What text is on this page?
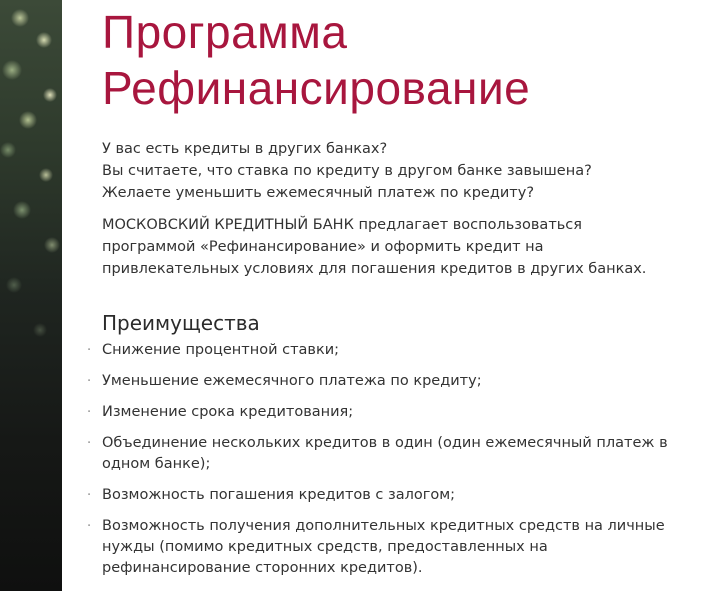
Программа
Рефинансирование
У вас есть кредиты в других банках?
Вы считаете, что ставка по кредиту в другом банке завышена?
Желаете уменьшить ежемесячный платеж по кредиту?
МОСКОВСКИЙ КРЕДИТНЫЙ БАНК предлагает воспользоваться
программой «Рефинансирование» и оформить кредит на
привлекательных условиях для погашения кредитов в других банках.
Преимущества
· Снижение процентной ставки;
· Уменьшение ежемесячного платежа по кредиту;
· Изменение срока кредитования;
· Объединение нескольких кредитов в один (один ежемесячный платеж в
одном банке);
· Возможность погашения кредитов с залогом;
· Возможность получения дополнительных кредитных средств на личные
нужды (помимо кредитных средств, предоставленных на
рефинансирование сторонних кредитов).
